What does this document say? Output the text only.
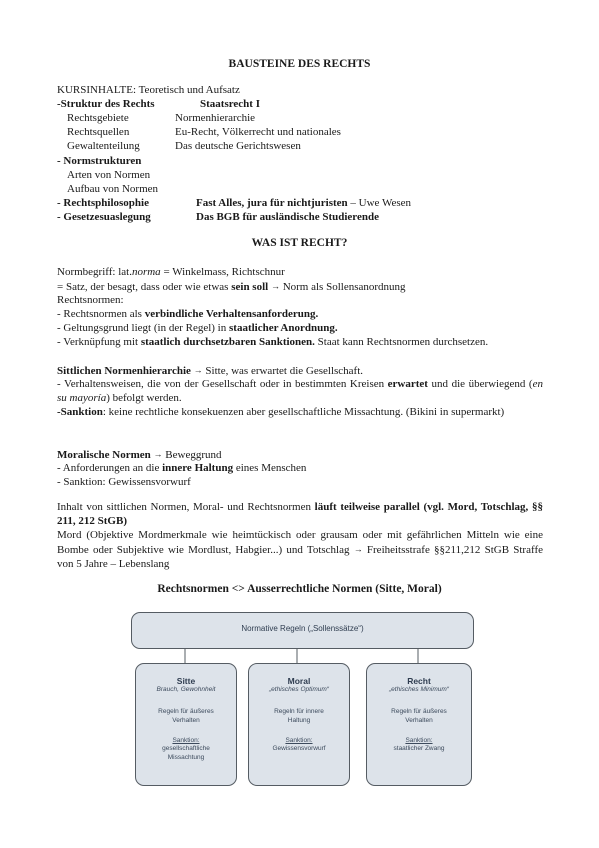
BAUSTEINE DES RECHTS
KURSINHALTE: Teoretisch und Aufsatz
-Struktur des Rechts	Staatsrecht I
Rechtsgebiete	Normenhierarchie
Rechtsquellen	Eu-Recht, Völkerrecht und nationales
Gewaltenteilung	Das deutsche Gerichtswesen
- Normstrukturen
Arten von Normen
Aufbau von Normen
- Rechtsphilosophie	Fast Alles, jura für nichtjuristen – Uwe Wesen
- Gesetzesuaslegung	Das BGB für ausländische Studierende
WAS IST RECHT?
Normbegriff: lat.norma = Winkelmass, Richtschnur
= Satz, der besagt, dass oder wie etwas sein soll → Norm als Sollensanordnung
Rechtsnormen:
- Rechtsnormen als verbindliche Verhaltensanforderung.
- Geltungsgrund liegt (in der Regel) in staatlicher Anordnung.
- Verknüpfung mit staatlich durchsetzbaren Sanktionen. Staat kann Rechtsnormen durchsetzen.
Sittlichen Normenhierarchie → Sitte, was erwartet die Gesellschaft.
- Verhaltensweisen, die von der Gesellschaft oder in bestimmten Kreisen erwartet und die überwiegend (en su mayoría) befolgt werden.
-Sanktion: keine rechtliche konsekuenzen aber gesellschaftliche Missachtung. (Bikini in supermarkt)
Moralische Normen → Beweggrund
- Anforderungen an die innere Haltung eines Menschen
- Sanktion: Gewissensvorwurf
Inhalt von sittlichen Normen, Moral- und Rechtsnormen läuft teilweise parallel (vgl. Mord, Totschlag, §§ 211, 212 StGB)
Mord (Objektive Mordmerkmale wie heimtückisch oder grausam oder mit gefährlichen Mitteln wie eine Bombe oder Subjektive wie Mordlust, Habgier...) und Totschlag → Freiheitsstrafe §§211,212 StGB Straffe von 5 Jahre – Lebenslang
Rechtsnormen <> Ausserrechtliche Normen (Sitte, Moral)
Normative Regeln („Sollenssätze“)
Sitte
Brauch, Gewohnheit
Regeln für äußeres
Verhalten
Sanktion:
gesellschaftliche
Missachtung
Moral
„ethisches Optimum“
Regeln für innere
Haltung
Sanktion:
Gewissensvorwurf
Recht
„ethisches Minimum“
Regeln für äußeres
Verhalten
Sanktion:
staatlicher Zwang
